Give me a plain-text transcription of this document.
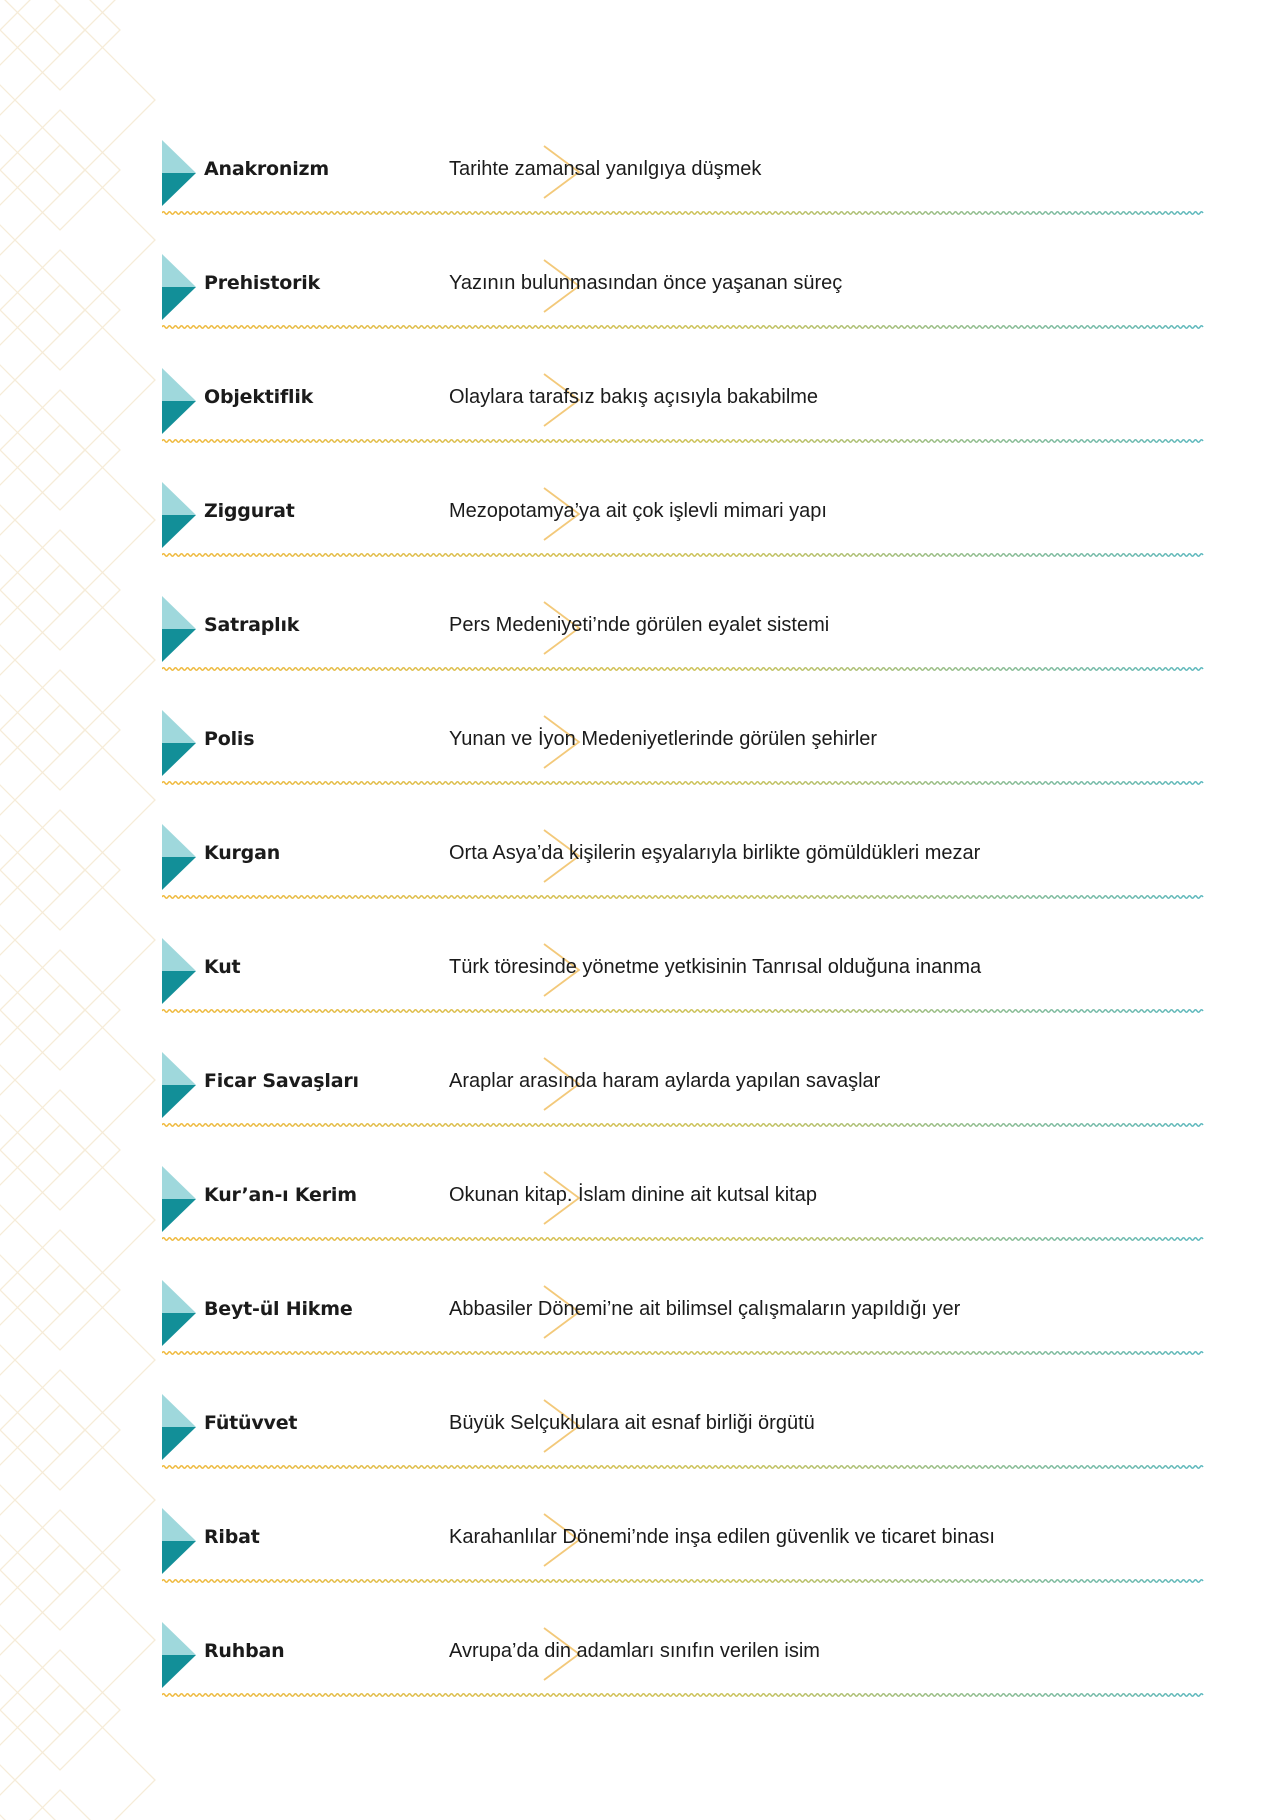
Anakronizm	Tarihte zamansal yanılgıya düşmek
Prehistorik	Yazının bulunmasından önce yaşanan süreç
Objektiflik	Olaylara tarafsız bakış açısıyla bakabilme
Ziggurat	Mezopotamya’ya ait çok işlevli mimari yapı
Satraplık	Pers Medeniyeti’nde görülen eyalet sistemi
Polis	Yunan ve İyon Medeniyetlerinde görülen şehirler
Kurgan	Orta Asya’da kişilerin eşyalarıyla birlikte gömüldükleri mezar
Kut	Türk töresinde yönetme yetkisinin Tanrısal olduğuna inanma
Ficar Savaşları	Araplar arasında haram aylarda yapılan savaşlar
Kur’an-ı Kerim	Okunan kitap. İslam dinine ait kutsal kitap
Beyt-ül Hikme	Abbasiler Dönemi’ne ait bilimsel çalışmaların yapıldığı yer
Fütüvvet	Büyük Selçuklulara ait esnaf birliği örgütü
Ribat	Karahanlılar Dönemi’nde inşa edilen güvenlik ve ticaret binası
Ruhban	Avrupa’da din adamları sınıfın verilen isim
